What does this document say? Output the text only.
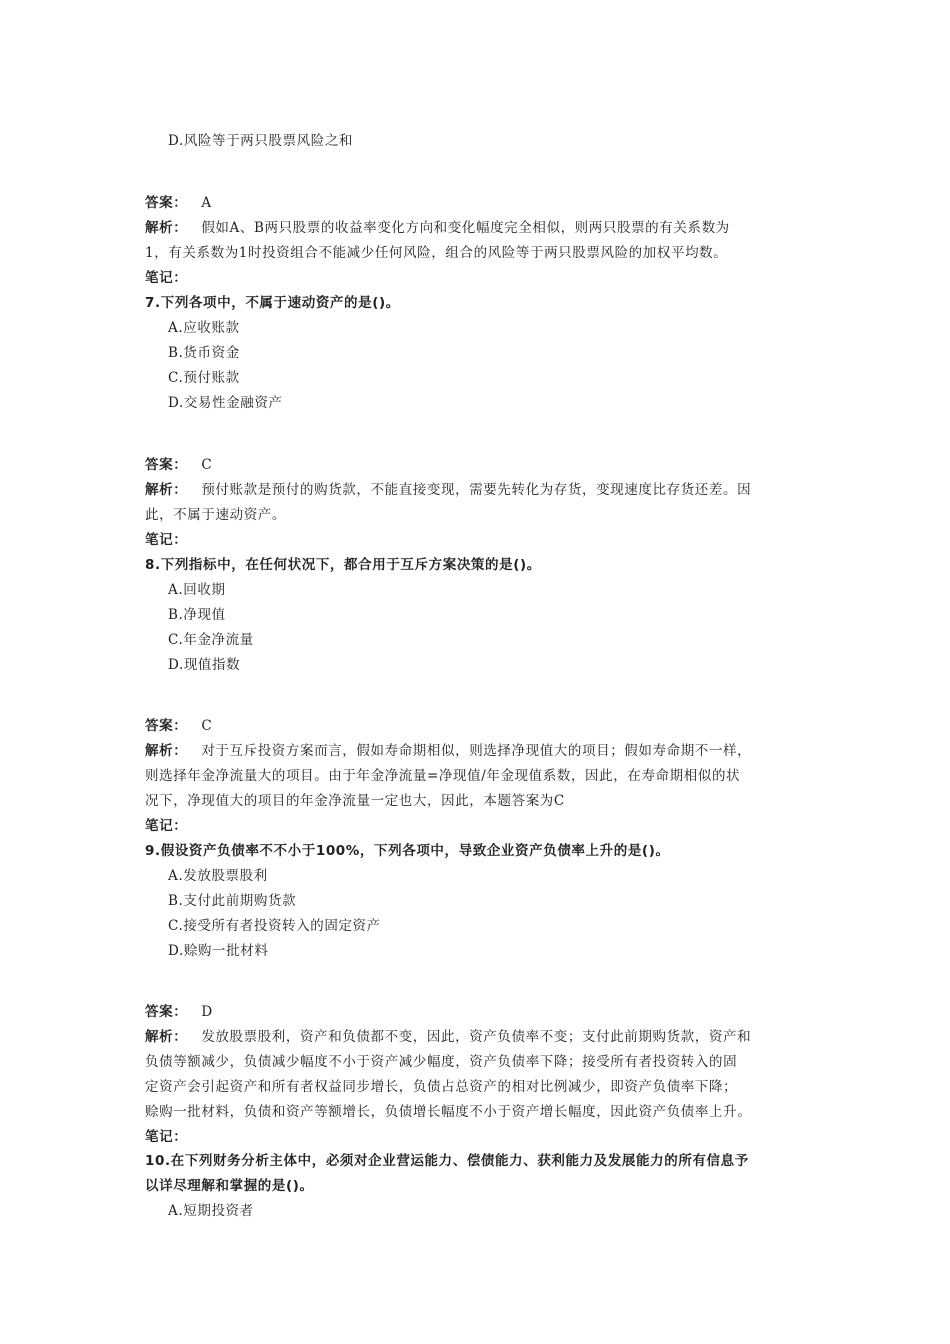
D.风险等于两只股票风险之和
答案： A
解析： 假如A、B两只股票的收益率变化方向和变化幅度完全相似，则两只股票的有关系数为
1，有关系数为1时投资组合不能减少任何风险，组合的风险等于两只股票风险的加权平均数。
笔记：
7.下列各项中，不属于速动资产的是()。
A.应收账款
B.货币资金
C.预付账款
D.交易性金融资产
答案： C
解析： 预付账款是预付的购货款，不能直接变现，需要先转化为存货，变现速度比存货还差。因
此，不属于速动资产。
笔记：
8.下列指标中，在任何状况下，都合用于互斥方案决策的是()。
A.回收期
B.净现值
C.年金净流量
D.现值指数
答案： C
解析： 对于互斥投资方案而言，假如寿命期相似，则选择净现值大的项目；假如寿命期不一样，
则选择年金净流量大的项目。由于年金净流量=净现值/年金现值系数，因此，在寿命期相似的状
况下，净现值大的项目的年金净流量一定也大，因此，本题答案为C
笔记：
9.假设资产负债率不不小于100%，下列各项中，导致企业资产负债率上升的是()。
A.发放股票股利
B.支付此前期购货款
C.接受所有者投资转入的固定资产
D.赊购一批材料
答案： D
解析： 发放股票股利，资产和负债都不变，因此，资产负债率不变；支付此前期购货款，资产和
负债等额减少，负债减少幅度不小于资产减少幅度，资产负债率下降；接受所有者投资转入的固
定资产会引起资产和所有者权益同步增长，负债占总资产的相对比例减少，即资产负债率下降；
赊购一批材料，负债和资产等额增长，负债增长幅度不小于资产增长幅度，因此资产负债率上升。
笔记：
10.在下列财务分析主体中，必须对企业营运能力、偿债能力、获利能力及发展能力的所有信息予
以详尽理解和掌握的是()。
A.短期投资者
